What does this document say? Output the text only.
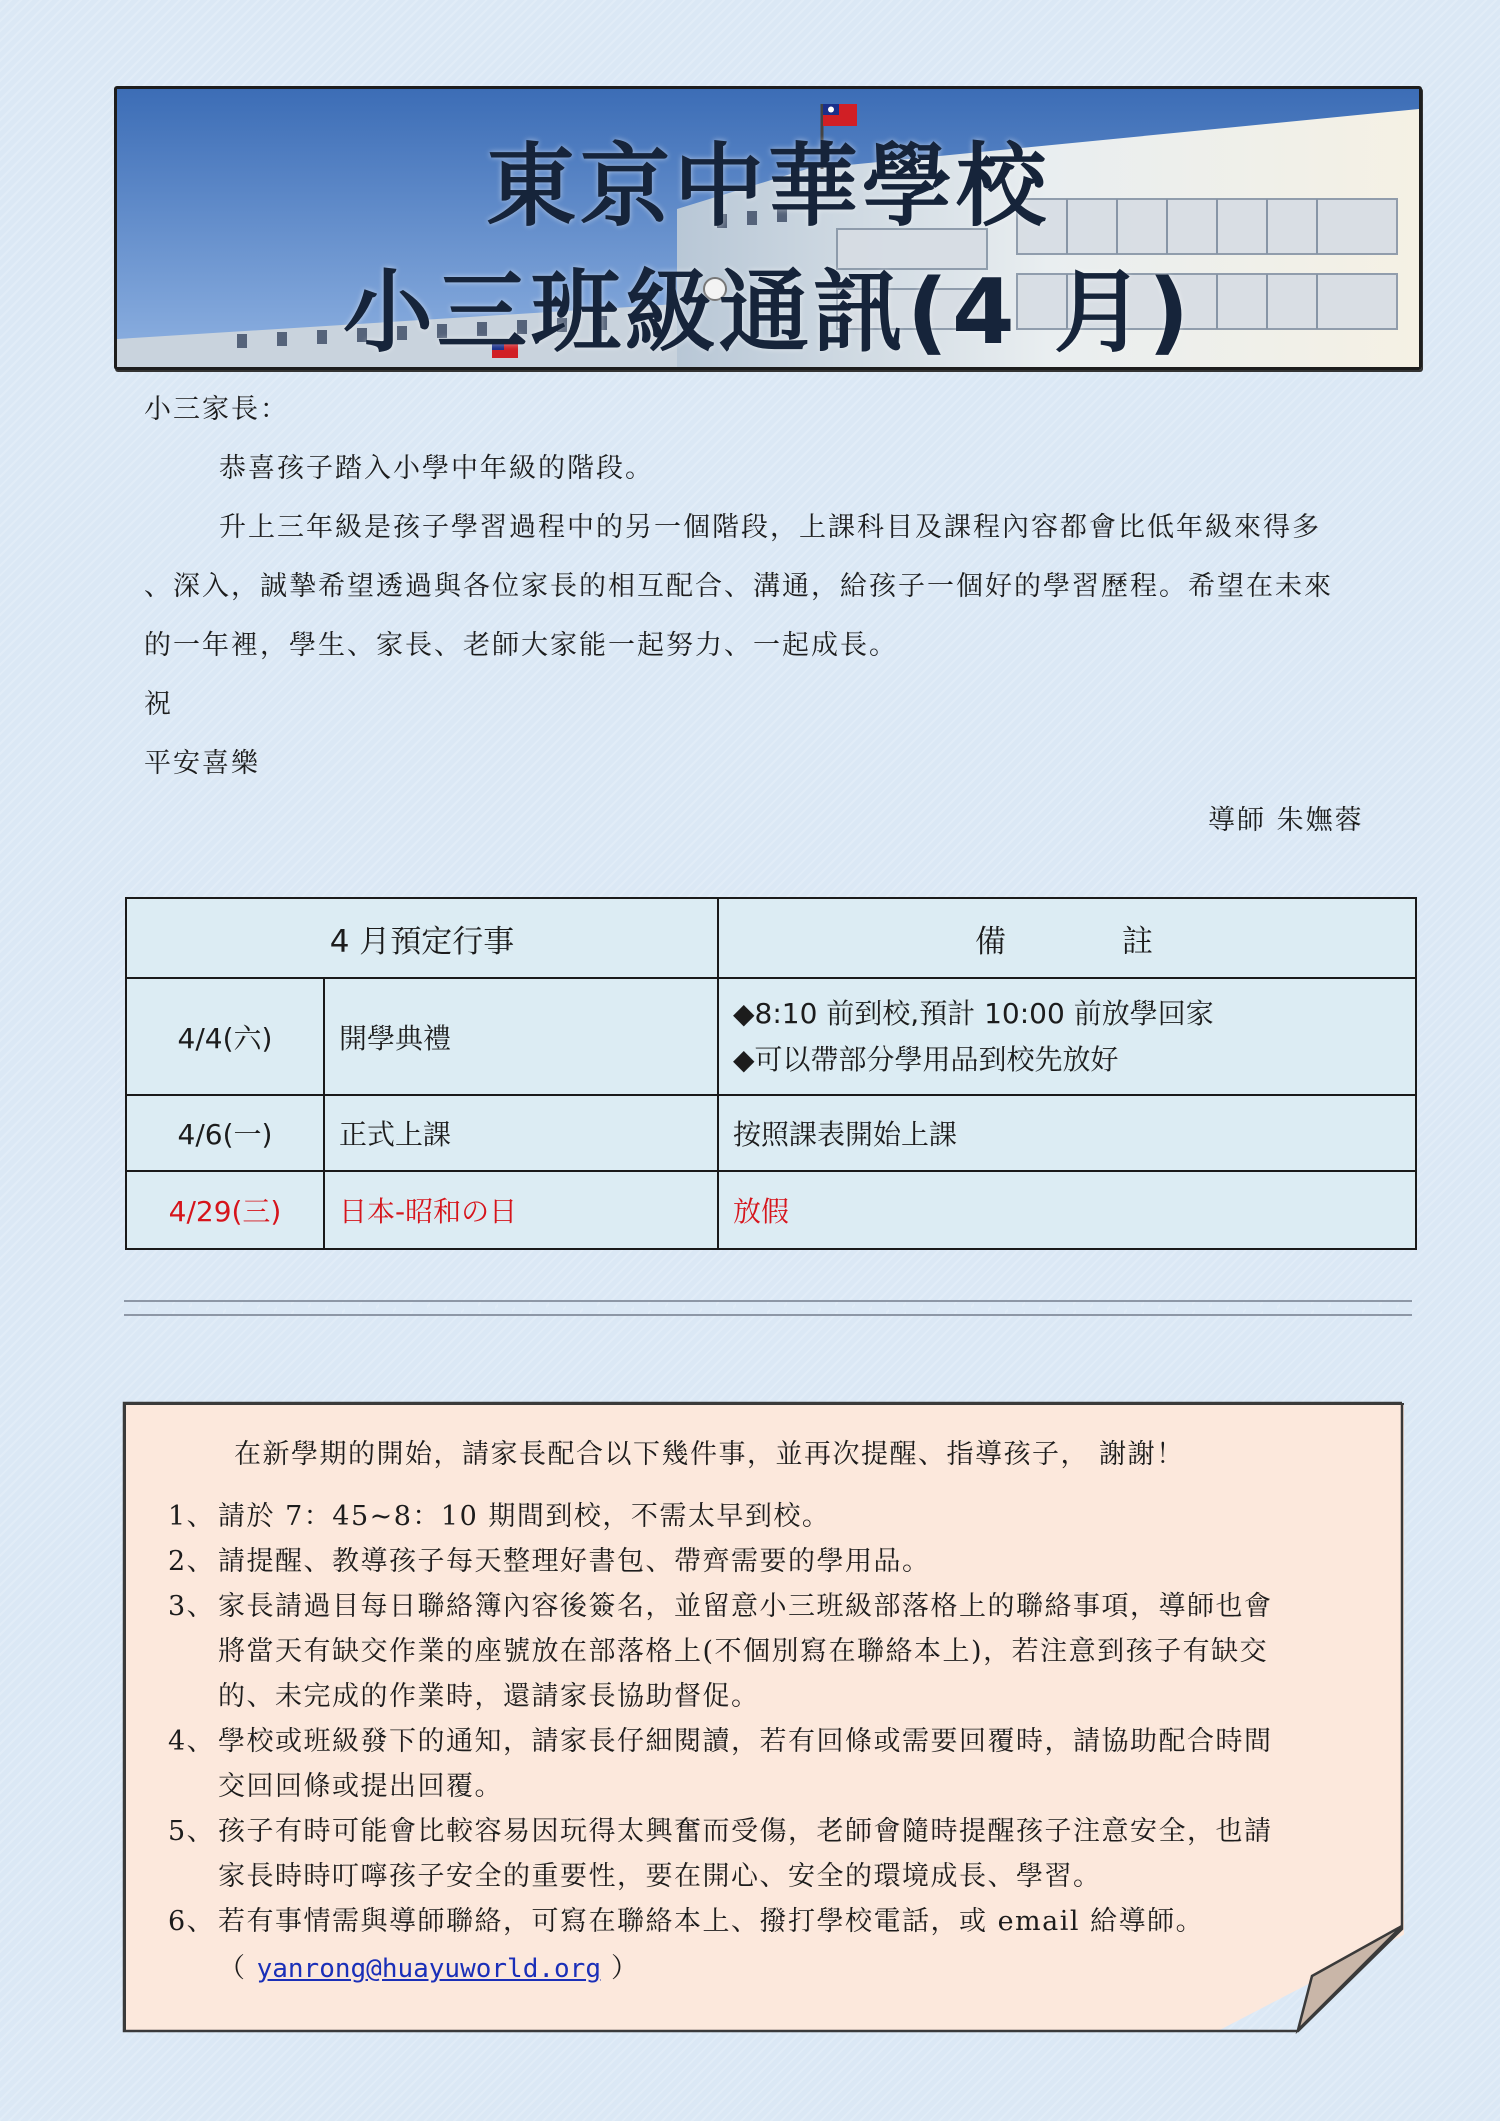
東京中華學校
小三班級通訊(4 月)
小三家長：
恭喜孩子踏入小學中年級的階段。
升上三年級是孩子學習過程中的另一個階段，上課科目及課程內容都會比低年級來得多
、深入，誠摯希望透過與各位家長的相互配合、溝通，給孩子一個好的學習歷程。希望在未來
的一年裡，學生、家長、老師大家能一起努力、一起成長。
祝
平安喜樂
導師 朱嫵蓉
4 月預定行事		備 註
4/4(六)	開學典禮	◆8:10 前到校,預計 10:00 前放學回家
◆可以帶部分學用品到校先放好

4/6(一)	正式上課	按照課表開始上課
4/29(三)	日本-昭和の日	放假
在新學期的開始，請家長配合以下幾件事，並再次提醒、指導孩子， 謝謝！
1、 請於 7：45~8：10 期間到校，不需太早到校。
2、 請提醒、教導孩子每天整理好書包、帶齊需要的學用品。
3、 家長請過目每日聯絡簿內容後簽名，並留意小三班級部落格上的聯絡事項，導師也會
將當天有缺交作業的座號放在部落格上(不個別寫在聯絡本上)，若注意到孩子有缺交
的、未完成的作業時，還請家長協助督促。
4、 學校或班級發下的通知，請家長仔細閱讀，若有回條或需要回覆時，請協助配合時間
交回回條或提出回覆。
5、 孩子有時可能會比較容易因玩得太興奮而受傷，老師會隨時提醒孩子注意安全，也請
家長時時叮嚀孩子安全的重要性，要在開心、安全的環境成長、學習。
6、 若有事情需與導師聯絡，可寫在聯絡本上、撥打學校電話，或 email 給導師。
（ yanrong@huayuworld.org ）
